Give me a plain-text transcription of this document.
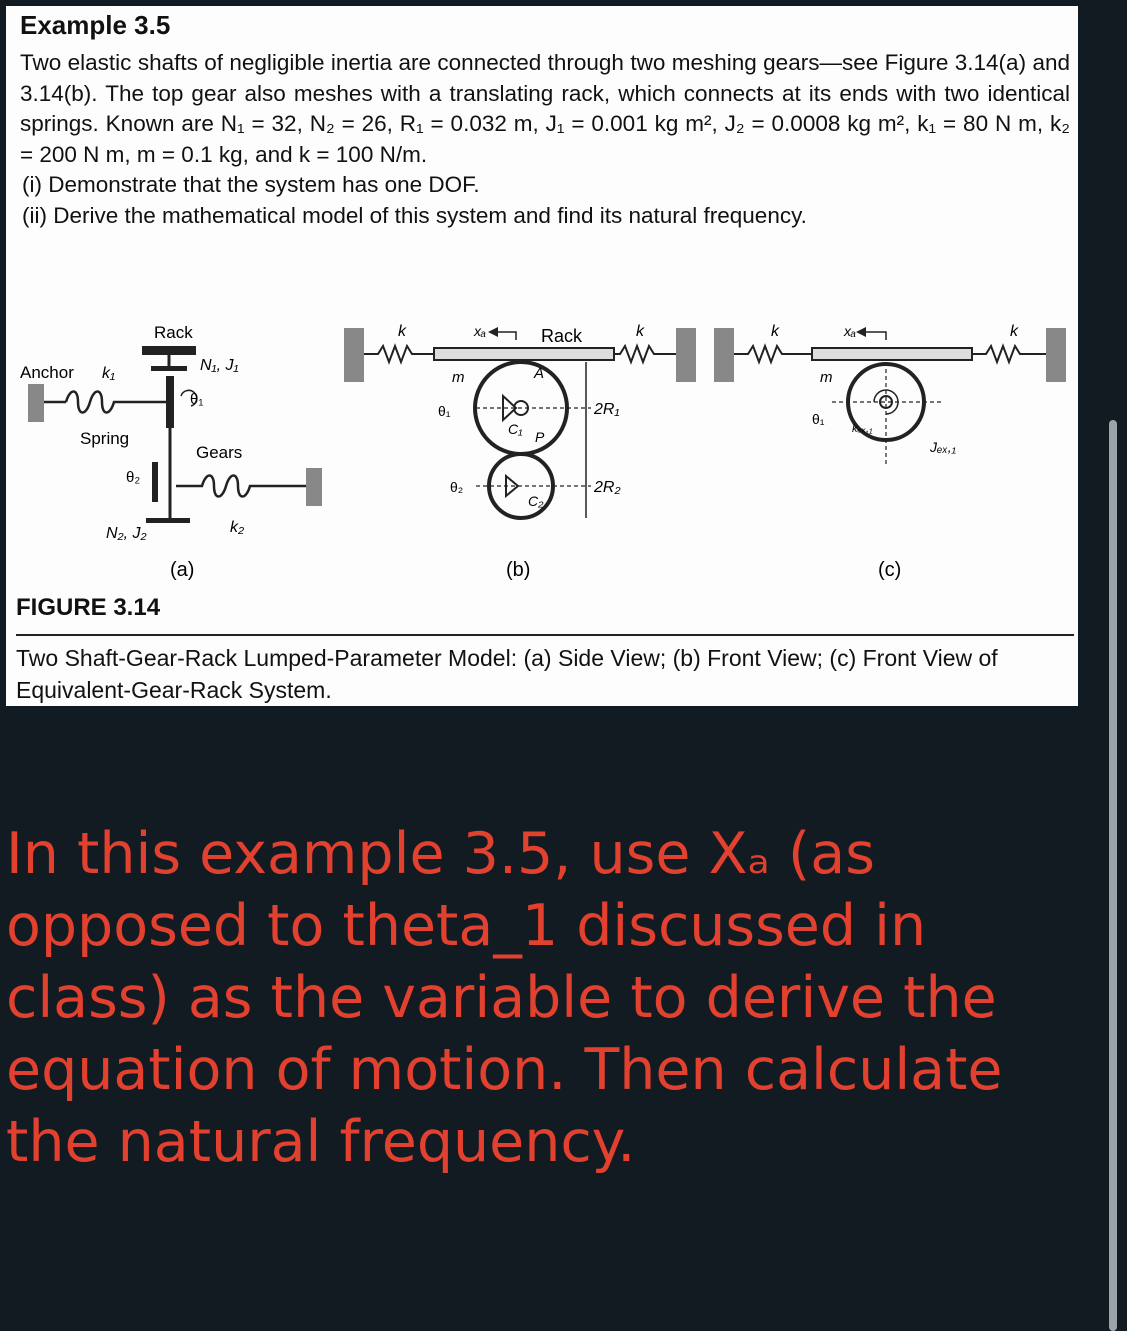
Example 3.5

Two elastic shafts of negligible inertia are connected through two meshing gears—see Figure 3.14(a) and 3.14(b). The top gear also meshes with a translating rack, which connects at its ends with two identical springs. Known are N₁ = 32, N₂ = 26, R₁ = 0.032 m, J₁ = 0.001 kg m², J₂ = 0.0008 kg m², k₁ = 80 N m, k₂ = 200 N m, m = 0.1 kg, and k = 100 N/m.

(i) Demonstrate that the system has one DOF.

(ii) Derive the mathematical model of this system and find its natural frequency.

Rack
Anchor k₁	N₁, J₁
θ₁
Spring
Gears
θ₂
N₂, J₂	k₂
(a)
k	xₐ	Rack	k
m	A
θ₁
C₁ P
2R₁
θ₂
C₂
2R₂
(b)
k	xₐ	k
m
θ₁
kₑₓ,₁
Jₑₓ,₁
(c)
FIGURE 3.14
Two Shaft-Gear-Rack Lumped-Parameter Model: (a) Side View; (b) Front View; (c) Front View of Equivalent-Gear-Rack System.
In this example 3.5, use Xₐ (as opposed to theta_1 discussed in class) as the variable to derive the equation of motion. Then calculate the natural frequency.
